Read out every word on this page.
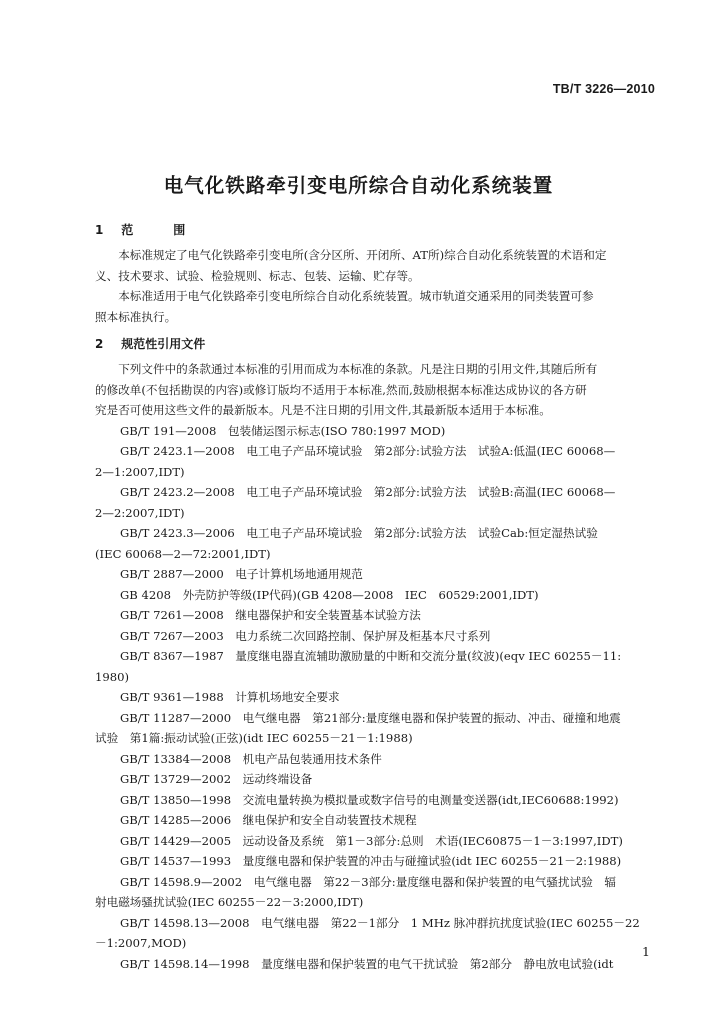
TB/T 3226—2010
电气化铁路牵引变电所综合自动化系统装置
1 范　围
本标准规定了电气化铁路牵引变电所(含分区所、开闭所、AT所)综合自动化系统装置的术语和定
义、技术要求、试验、检验规则、标志、包装、运输、贮存等。
本标准适用于电气化铁路牵引变电所综合自动化系统装置。城市轨道交通采用的同类装置可参
照本标准执行。
2 规范性引用文件
下列文件中的条款通过本标准的引用而成为本标准的条款。凡是注日期的引用文件,其随后所有
的修改单(不包括勘误的内容)或修订版均不适用于本标准,然而,鼓励根据本标准达成协议的各方研
究是否可使用这些文件的最新版本。凡是不注日期的引用文件,其最新版本适用于本标准。
GB/T 191—2008　包装储运图示标志(ISO 780:1997 MOD)
GB/T 2423.1—2008　电工电子产品环境试验　第2部分:试验方法　试验A:低温(IEC 60068—
2—1:2007,IDT)
GB/T 2423.2—2008　电工电子产品环境试验　第2部分:试验方法　试验B:高温(IEC 60068—
2—2:2007,IDT)
GB/T 2423.3—2006　电工电子产品环境试验　第2部分:试验方法　试验Cab:恒定湿热试验
(IEC 60068—2—72:2001,IDT)
GB/T 2887—2000　电子计算机场地通用规范
GB 4208　外壳防护等级(IP代码)(GB 4208—2008　IEC　60529:2001,IDT)
GB/T 7261—2008　继电器保护和安全装置基本试验方法
GB/T 7267—2003　电力系统二次回路控制、保护屏及柜基本尺寸系列
GB/T 8367—1987　量度继电器直流辅助激励量的中断和交流分量(纹波)(eqv IEC 60255－11:
1980)
GB/T 9361—1988　计算机场地安全要求
GB/T 11287—2000　电气继电器　第21部分:量度继电器和保护装置的振动、冲击、碰撞和地震
试验　第1篇:振动试验(正弦)(idt IEC 60255－21－1:1988)
GB/T 13384—2008　机电产品包装通用技术条件
GB/T 13729—2002　远动终端设备
GB/T 13850—1998　交流电量转换为模拟量或数字信号的电测量变送器(idt,IEC60688:1992)
GB/T 14285—2006　继电保护和安全自动装置技术规程
GB/T 14429—2005　远动设备及系统　第1－3部分:总则　术语(IEC60875－1－3:1997,IDT)
GB/T 14537—1993　量度继电器和保护装置的冲击与碰撞试验(idt IEC 60255－21－2:1988)
GB/T 14598.9—2002　电气继电器　第22－3部分:量度继电器和保护装置的电气骚扰试验　辐
射电磁场骚扰试验(IEC 60255－22－3:2000,IDT)
GB/T 14598.13—2008　电气继电器　第22－1部分　1 MHz 脉冲群抗扰度试验(IEC 60255－22
－1:2007,MOD)
GB/T 14598.14—1998　量度继电器和保护装置的电气干扰试验　第2部分　静电放电试验(idt
1
